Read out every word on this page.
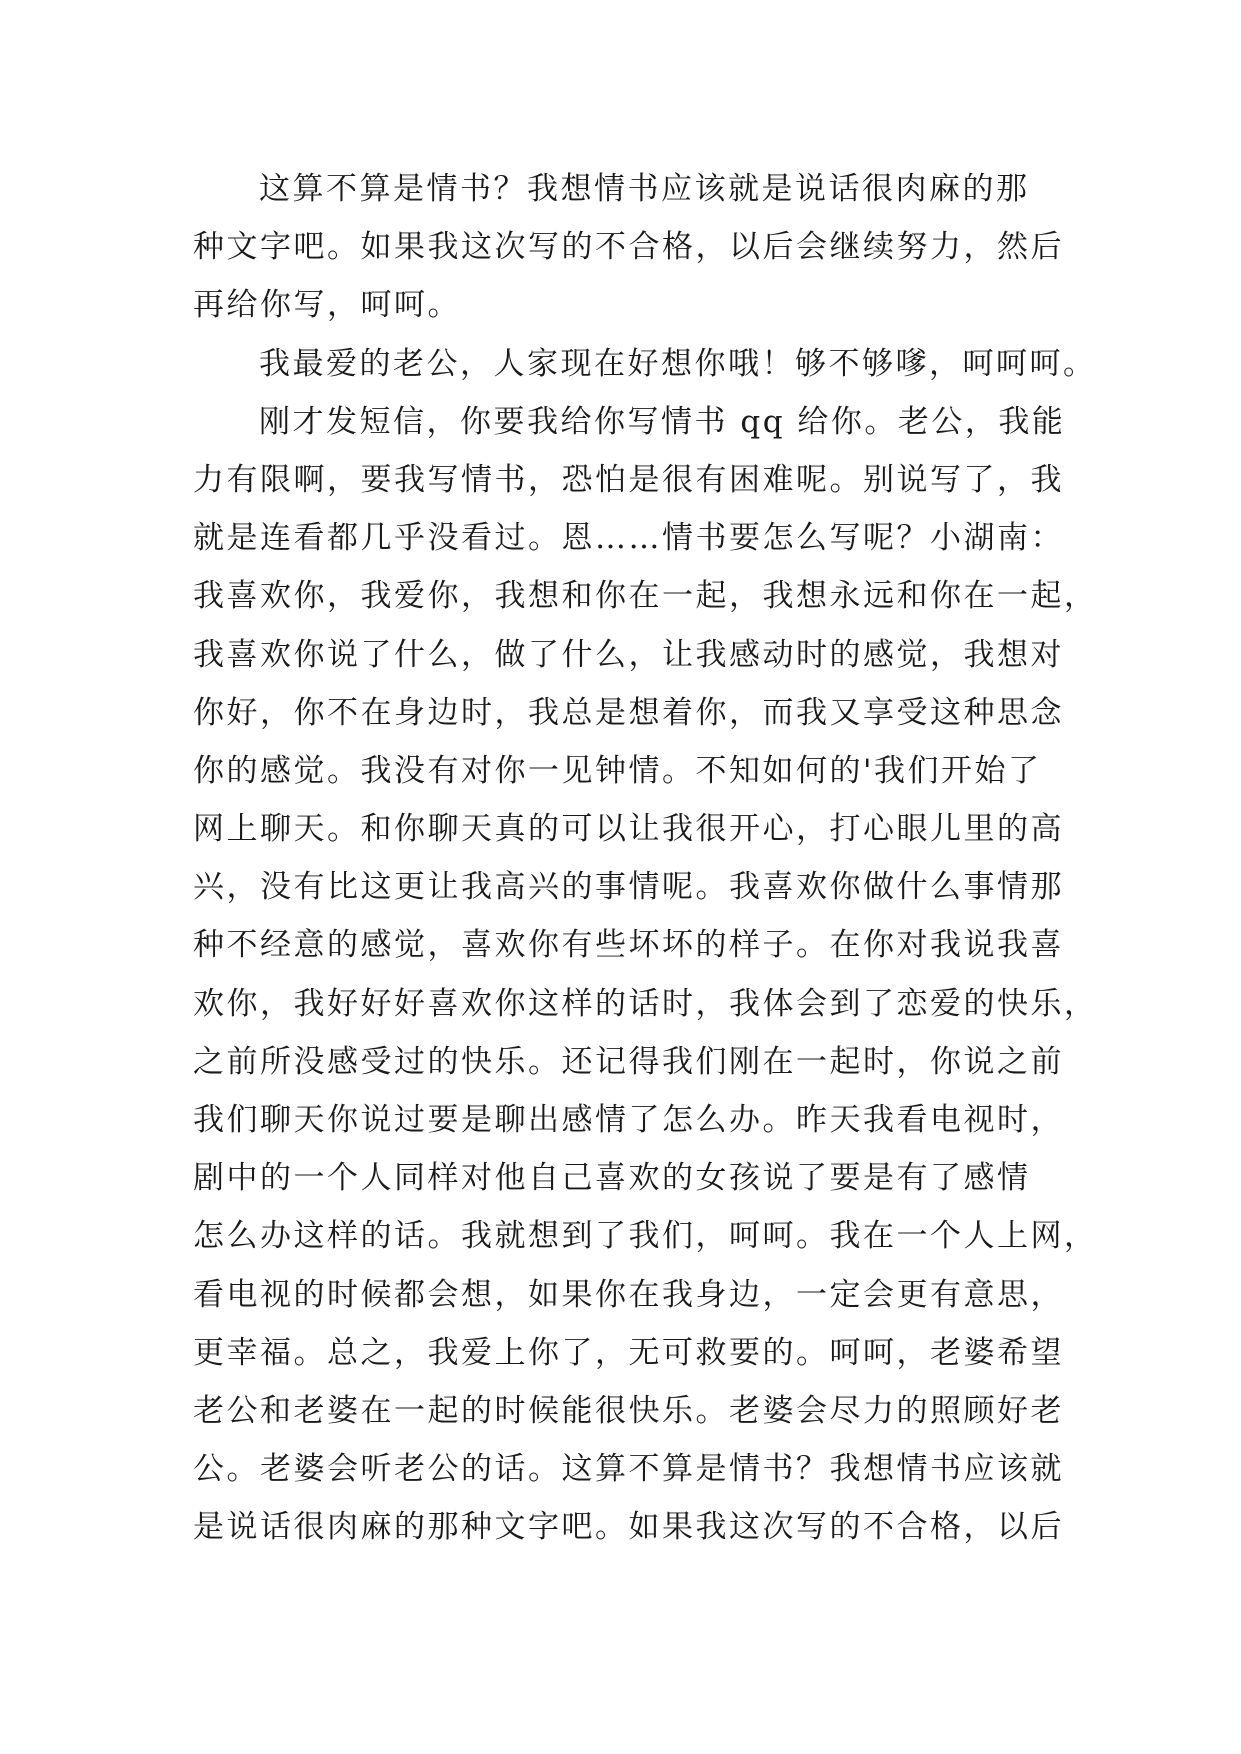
这算不算是情书？我想情书应该就是说话很肉麻的那
种文字吧。如果我这次写的不合格，以后会继续努力，然后
再给你写，呵呵。
我最爱的老公，人家现在好想你哦！够不够嗲，呵呵呵。
刚才发短信，你要我给你写情书 qq 给你。老公，我能
力有限啊，要我写情书，恐怕是很有困难呢。别说写了，我
就是连看都几乎没看过。恩……情书要怎么写呢？小湖南：
我喜欢你，我爱你，我想和你在一起，我想永远和你在一起，
我喜欢你说了什么，做了什么，让我感动时的感觉，我想对
你好，你不在身边时，我总是想着你，而我又享受这种思念
你的感觉。我没有对你一见钟情。不知如何的'我们开始了
网上聊天。和你聊天真的可以让我很开心，打心眼儿里的高
兴，没有比这更让我高兴的事情呢。我喜欢你做什么事情那
种不经意的感觉，喜欢你有些坏坏的样子。在你对我说我喜
欢你，我好好好喜欢你这样的话时，我体会到了恋爱的快乐，
之前所没感受过的快乐。还记得我们刚在一起时，你说之前
我们聊天你说过要是聊出感情了怎么办。昨天我看电视时，
剧中的一个人同样对他自己喜欢的女孩说了要是有了感情
怎么办这样的话。我就想到了我们，呵呵。我在一个人上网，
看电视的时候都会想，如果你在我身边，一定会更有意思，
更幸福。总之，我爱上你了，无可救要的。呵呵，老婆希望
老公和老婆在一起的时候能很快乐。老婆会尽力的照顾好老
公。老婆会听老公的话。这算不算是情书？我想情书应该就
是说话很肉麻的那种文字吧。如果我这次写的不合格，以后
